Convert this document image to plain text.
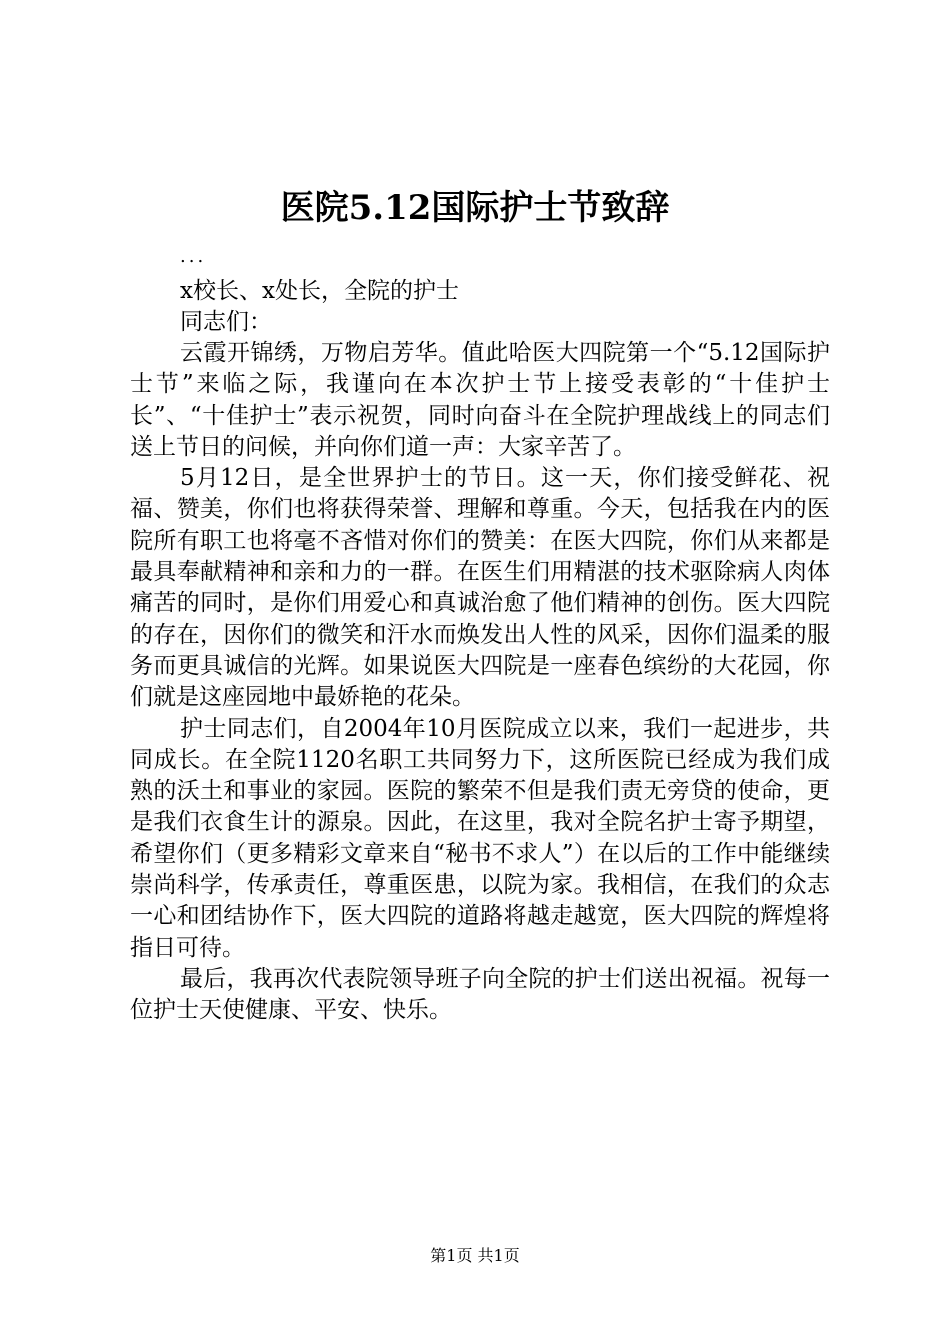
医院5.12国际护士节致辞

...

x校长、x处长，全院的护士

同志们：

云霞开锦绣，万物启芳华。值此哈医大四院第一个“5.12国际护士节”来临之际，我谨向在本次护士节上接受表彰的“十佳护士长”、“十佳护士”表示祝贺，同时向奋斗在全院护理战线上的同志们送上节日的问候，并向你们道一声：大家辛苦了。

5月12日，是全世界护士的节日。这一天，你们接受鲜花、祝福、赞美，你们也将获得荣誉、理解和尊重。今天，包括我在内的医院所有职工也将毫不吝惜对你们的赞美：在医大四院，你们从来都是最具奉献精神和亲和力的一群。在医生们用精湛的技术驱除病人肉体痛苦的同时，是你们用爱心和真诚治愈了他们精神的创伤。医大四院的存在，因你们的微笑和汗水而焕发出人性的风采，因你们温柔的服务而更具诚信的光辉。如果说医大四院是一座春色缤纷的大花园，你们就是这座园地中最娇艳的花朵。

护士同志们，自2004年10月医院成立以来，我们一起进步，共同成长。在全院1120名职工共同努力下，这所医院已经成为我们成熟的沃土和事业的家园。医院的繁荣不但是我们责无旁贷的使命，更是我们衣食生计的源泉。因此，在这里，我对全院名护士寄予期望，希望你们（更多精彩文章来自“秘书不求人”）在以后的工作中能继续崇尚科学，传承责任，尊重医患，以院为家。我相信，在我们的众志一心和团结协作下，医大四院的道路将越走越宽，医大四院的辉煌将指日可待。

最后，我再次代表院领导班子向全院的护士们送出祝福。祝每一位护士天使健康、平安、快乐。

第1页 共1页
